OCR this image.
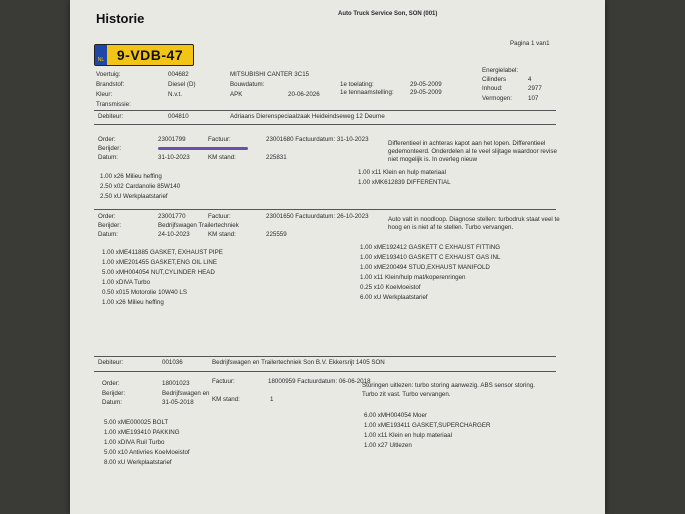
Historie	Auto Truck Service Son, SON (001)
Pagina 1 van1
NL 9-VDB-47
Voertuig:	004682
Brandstof:	Diesel (D)
Kleur:	N.v.t.
Transmissie:
MITSUBISHI CANTER 3C15
Bouwdatum:
APK	20-06-2026
1e toelating:	29-05-2009
1e tennaamstelling:	29-05-2009
Energielabel:
Cilinders	4
Inhoud:	2977
Vermogen:	107
Debiteur:	004810	Adriaans Dierenspeciaalzaak Heideindseweg 12 Deurne
Order:	23001799	Factuur:	23001680 Factuurdatum: 31-10-2023
Berijder:
Datum:	31-10-2023	KM stand:	225831
Differentieel in achteras kapot aan het lopen. Differentieel
gedemonteerd. Onderdelen al te veel slijtage waardoor revise
niet mogelijk is. In overleg nieuw
1.00 x26 Milieu heffing
2.50 x02 Cardanolie 85W140
2.50 xU Werkplaatstarief
1.00 x11 Klein en hulp materiaal
1.00 xMK612839 DIFFERENTIAL
Order:	23001770	Factuur:	23001650 Factuurdatum: 26-10-2023
Berijder:	Bedrijfswagen Trailertechniek
Datum:	24-10-2023	KM stand:	225559
Auto valt in noodloop. Diagnose stellen: turbodruk staat veel te
hoog en is niet af te stellen. Turbo vervangen.
1.00 xME411885 GASKET, EXHAUST PIPE
1.00 xME201455 GASKET,ENG OIL LINE
5.00 xMH004054 NUT,CYLINDER HEAD
1.00 xDIVA Turbo
0.50 x015 Motorolie 10W40 LS
1.00 x26 Milieu heffing
1.00 xME192412 GASKETT C EXHAUST FITTING
1.00 xME193410 GASKETT C EXHAUST GAS INL
1.00 xME200494 STUD,EXHAUST MANIFOLD
1.00 x11 Klein/hulp mat/koperenringen
0.25 x10 Koelvloeistof
6.00 xU Werkplaatstarief
Debiteur:	001036	Bedrijfswagen en Trailertechniek Son B.V. Ekkersrijt 1405 SON
Order:	18001023	Factuur:	18000959 Factuurdatum: 06-06-2018
Berijder:	Bedrijfswagen en
Datum:	31-05-2018	KM stand:	1
Storingen uitlezen: turbo storing aanwezig. ABS sensor storing.
Turbo zit vast. Turbo vervangen.
5.00 xME000025 BOLT
1.00 xME193410 PAKKING
1.00 xDIVA Ruil Turbo
5.00 x10 Antivries Koelvloeistof
8.00 xU Werkplaatstarief
6.00 xMH004054 Moer
1.00 xME193411 GASKET,SUPERCHARGER
1.00 x11 Klein en hulp materiaal
1.00 x27 Uitlezen
